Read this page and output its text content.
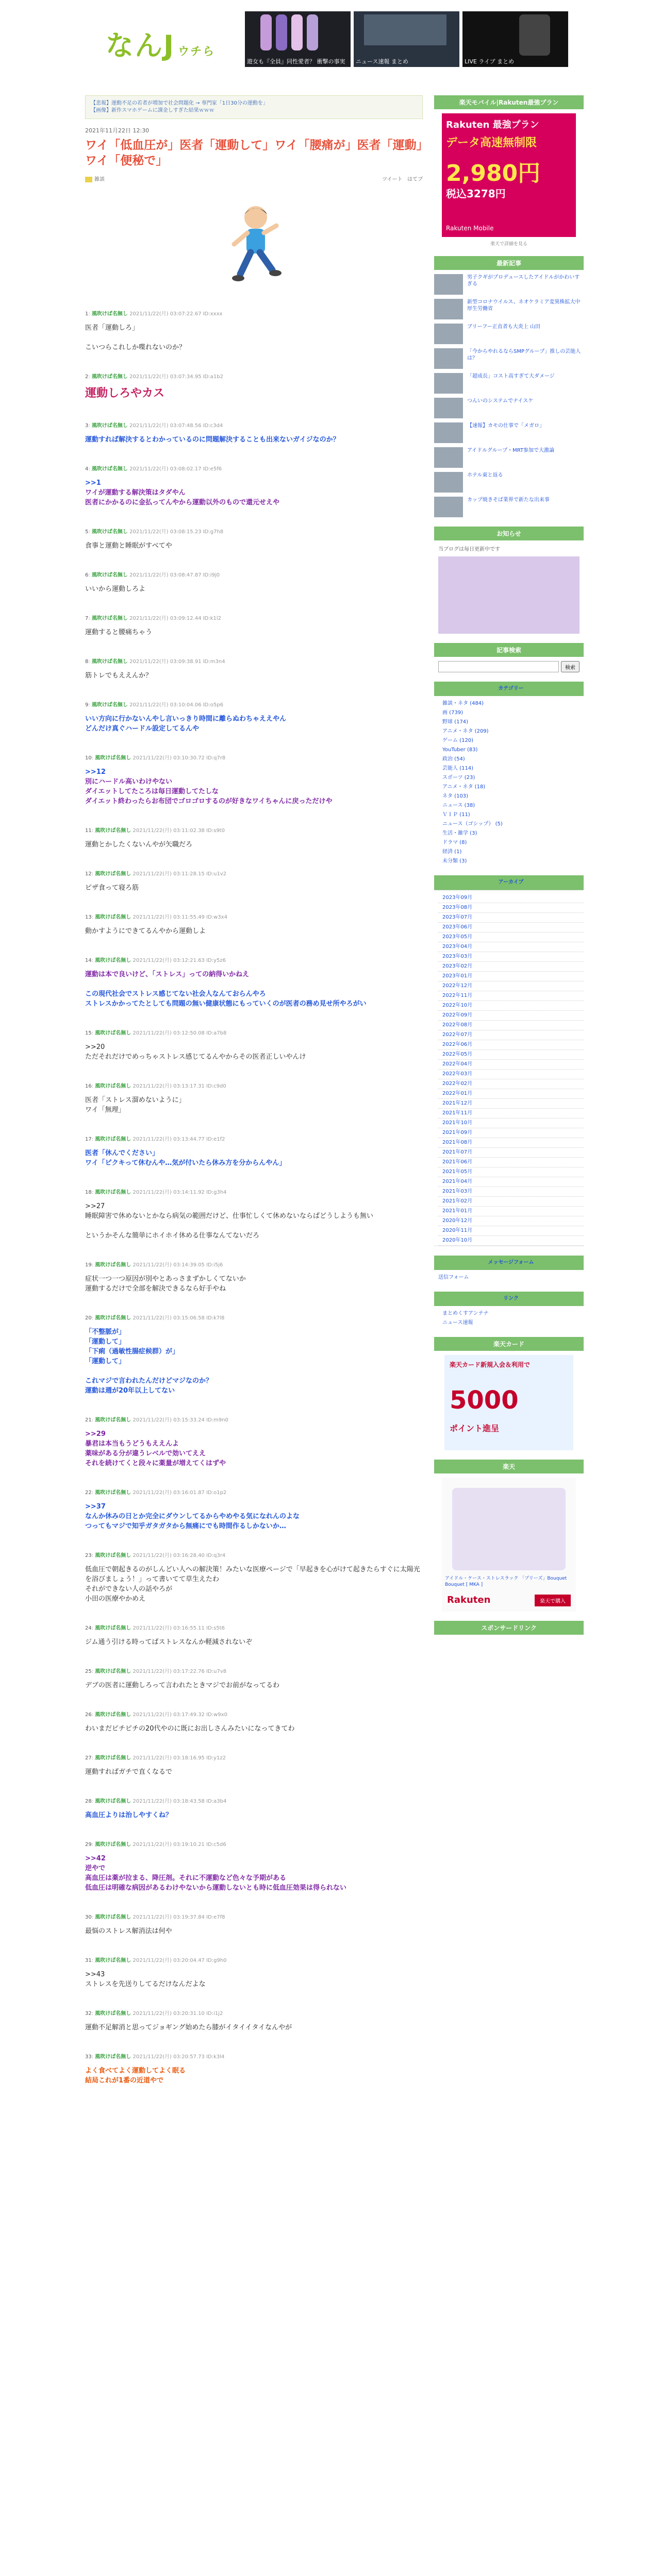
なんJ ウチら
遊女も『全員』同性愛者？ 衝撃の事実	ニュース速報 まとめ	LIVE ライブ まとめ
【悲報】運動不足の若者が増加で社会問題化 → 専門家「1日30分の運動を」
【画像】新作スマホゲームに課金しすぎた結果ｗｗｗ
2021年11月22日 12:30
ワイ「低血圧が」医者「運動して」ワイ「腰痛が」医者「運動」ワイ「便秘で」
雑談	ツイート はてブ
1: 風吹けば名無し 2021/11/22(月) 03:07:22.67 ID:xxxx
医者「運動しろ」

こいつらこれしか喋れないのか？
2: 風吹けば名無し 2021/11/22(月) 03:07:34.95 ID:a1b2
運動しろやカス
3: 風吹けば名無し 2021/11/22(月) 03:07:48.56 ID:c3d4
運動すれば解決するとわかっているのに問題解決することも出来ないガイジなのか？
4: 風吹けば名無し 2021/11/22(月) 03:08:02.17 ID:e5f6
>>1
ワイが運動する解決策はタダやん
医者にかかるのに金払ってんやから運動以外のもので還元せえや
5: 風吹けば名無し 2021/11/22(月) 03:08:15.23 ID:g7h8
食事と運動と睡眠がすべてや
6: 風吹けば名無し 2021/11/22(月) 03:08:47.87 ID:i9j0
いいから運動しろよ
7: 風吹けば名無し 2021/11/22(月) 03:09:12.44 ID:k1l2
運動すると腰痛ちゃう
8: 風吹けば名無し 2021/11/22(月) 03:09:38.91 ID:m3n4
筋トレでもええんか？
9: 風吹けば名無し 2021/11/22(月) 03:10:04.06 ID:o5p6
いい方向に行かないんやし言いっきり時間に離らぬわちゃええやん
どんだけ真ぐハードル設定してるんや
10: 風吹けば名無し 2021/11/22(月) 03:10:30.72 ID:q7r8
>>12
別にハードル高いわけやない
ダイエットしてたころは毎日運動してたしな
ダイエット終わったらお布団でゴロゴロするのが好きなワイちゃんに戻っただけや
11: 風吹けば名無し 2021/11/22(月) 03:11:02.38 ID:s9t0
運動とかしたくないんやが矢職だろ
12: 風吹けば名無し 2021/11/22(月) 03:11:28.15 ID:u1v2
ピザ食って寝ろ筋
13: 風吹けば名無し 2021/11/22(月) 03:11:55.49 ID:w3x4
動かすようにできてるんやから運動しよ
14: 風吹けば名無し 2021/11/22(月) 03:12:21.63 ID:y5z6
運動は本で良いけど、「ストレス」っての納得いかねえ

この現代社会でストレス感じてない社会人なんておらんやろ
ストレスかかってたとしても問題の無い健康状態にもっていくのが医者の務め見せ所やろがい
15: 風吹けば名無し 2021/11/22(月) 03:12:50.08 ID:a7b8
>>20
ただそれだけでめっちゃストレス感じてるんやからその医者正しいやんけ
16: 風吹けば名無し 2021/11/22(月) 03:13:17.31 ID:c9d0
医者「ストレス溜めないように」
ワイ「無理」
17: 風吹けば名無し 2021/11/22(月) 03:13:44.77 ID:e1f2
医者「休んでください」
ワイ「ピクキって休むんや…気が付いたら休み方を分からんやん」
18: 風吹けば名無し 2021/11/22(月) 03:14:11.92 ID:g3h4
>>27
睡眠障害で休めないとかなら病気の範囲だけど、仕事忙しくて休めないならばどうしようも無い

というかそんな簡単にホイホイ休める仕事なんてないだろ
19: 風吹けば名無し 2021/11/22(月) 03:14:39.05 ID:i5j6
症状一つ一つ原因が別やとあっさまずかしくてないか
運動するだけで全部を解決できるなら好手やね
20: 風吹けば名無し 2021/11/22(月) 03:15:06.58 ID:k7l8
「不整脈が」
「運動して」
「下痢（過敏性腸症候群）が」
「運動して」

これマジで言われたんだけどマジなのか？
運動は週が20年以上してない
21: 風吹けば名無し 2021/11/22(月) 03:15:33.24 ID:m9n0
>>29
暴君は本当もうどうもええんよ
薬味がある分が違うレベルで効いてええ
それを続けてくと段々に薬量が増えてくはずや
22: 風吹けば名無し 2021/11/22(月) 03:16:01.87 ID:o1p2
>>37
なんか休みの日とか完全にダウンしてるからやめやる気になれんのよな
つってもマジで知乎ガタガタから無痛にでも時間作るしかないか…
23: 風吹けば名無し 2021/11/22(月) 03:16:28.40 ID:q3r4
低血圧で朝起きるのがしんどい人への解決策！みたいな医療ページで「早起きを心がけて起きたらすぐに太陽光を浴びましょう！」って書いてて草生えたわ
それができない人の話やろが
小田の医療やかめえ
24: 風吹けば名無し 2021/11/22(月) 03:16:55.11 ID:s5t6
ジム通う引ける時ってばストレスなんか軽減されないぞ
25: 風吹けば名無し 2021/11/22(月) 03:17:22.76 ID:u7v8
デブの医者に運動しろって言われたときマジでお前がなってるわ
26: 風吹けば名無し 2021/11/22(月) 03:17:49.32 ID:w9x0
わいまだピチピチの20代やのに既にお出しさんみたいになってきてわ
27: 風吹けば名無し 2021/11/22(月) 03:18:16.95 ID:y1z2
運動すればガチで直くなるで
28: 風吹けば名無し 2021/11/22(月) 03:18:43.58 ID:a3b4
高血圧よりは治しやすくね？
29: 風吹けば名無し 2021/11/22(月) 03:19:10.21 ID:c5d6
>>42
逆やで
高血圧は薬が拉まる、降圧剤。それに不運動など色々な予期がある
低血圧は明確な病因があるわけやないから運動しないとも時に低血圧効果は得られない
30: 風吹けば名無し 2021/11/22(月) 03:19:37.84 ID:e7f8
最悩のストレス解消法は何や
31: 風吹けば名無し 2021/11/22(月) 03:20:04.47 ID:g9h0
>>43
ストレスを先送りしてるだけなんだよな
32: 風吹けば名無し 2021/11/22(月) 03:20:31.10 ID:i1j2
運動不足解消と思ってジョギング始めたら膝がイタイイタイなんやが
33: 風吹けば名無し 2021/11/22(月) 03:20:57.73 ID:k3l4
よく食べてよく運動してよく眠る
結局これが1番の近道やで
楽天モバイル|Rakuten最強プラン
Rakuten 最強プラン
データ高速無制限
2,980円
税込3278円
Rakuten Mobile
楽天で詳細を見る
最新記事
男子クギがプロデュースしたアイドルがかわいすぎる
新型コロナウイルス、ネオケラミア変異株拡大中 厚生労働省
ブリーフー正直者も大炎上 山田
「今からやれるならSMPグループ」推しの芸能人は？
「超成長」コスト高すぎて大ダメージ
つんいのシステムでナイスケ
【速報】カモの仕事で「メガロ」
アイドルグループ・MRT参加で大激論
ホテル東と返る
カップ焼きそば業界で新たな出来事
お知らせ
当ブログは毎日更新中です
記事検索
検索
カテゴリー
雑談・ネタ (484)
画 (739)
野球 (174)
アニメ・ネタ (209)
ゲーム (120)
YouTuber (83)
政治 (54)
芸能人 (114)
スポーツ (23)
アニメ・ネタ (18)
ネタ (103)
ニュース (38)
ＶＩＰ (11)
ニュース（ゴシップ） (5)
生活・雑学 (3)
ドラマ (8)
経済 (1)
未分類 (3)
アーカイブ
2023年09月
2023年08月
2023年07月
2023年06月
2023年05月
2023年04月
2023年03月
2023年02月
2023年01月
2022年12月
2022年11月
2022年10月
2022年09月
2022年08月
2022年07月
2022年06月
2022年05月
2022年04月
2022年03月
2022年02月
2022年01月
2021年12月
2021年11月
2021年10月
2021年09月
2021年08月
2021年07月
2021年06月
2021年05月
2021年04月
2021年03月
2021年02月
2021年01月
2020年12月
2020年11月
2020年10月
メッセージフォーム
送信フォーム
リンク
まとめくすアンテナ
ニュース速報
楽天カード
楽天カード新規入会＆利用で
5000
ポイント進呈
楽天
アイドル・ケース・ストレスラック 「プリーズ」Bouquet Bouquet [ MKA ]
Rakuten	楽天で購入
スポンサードリンク
